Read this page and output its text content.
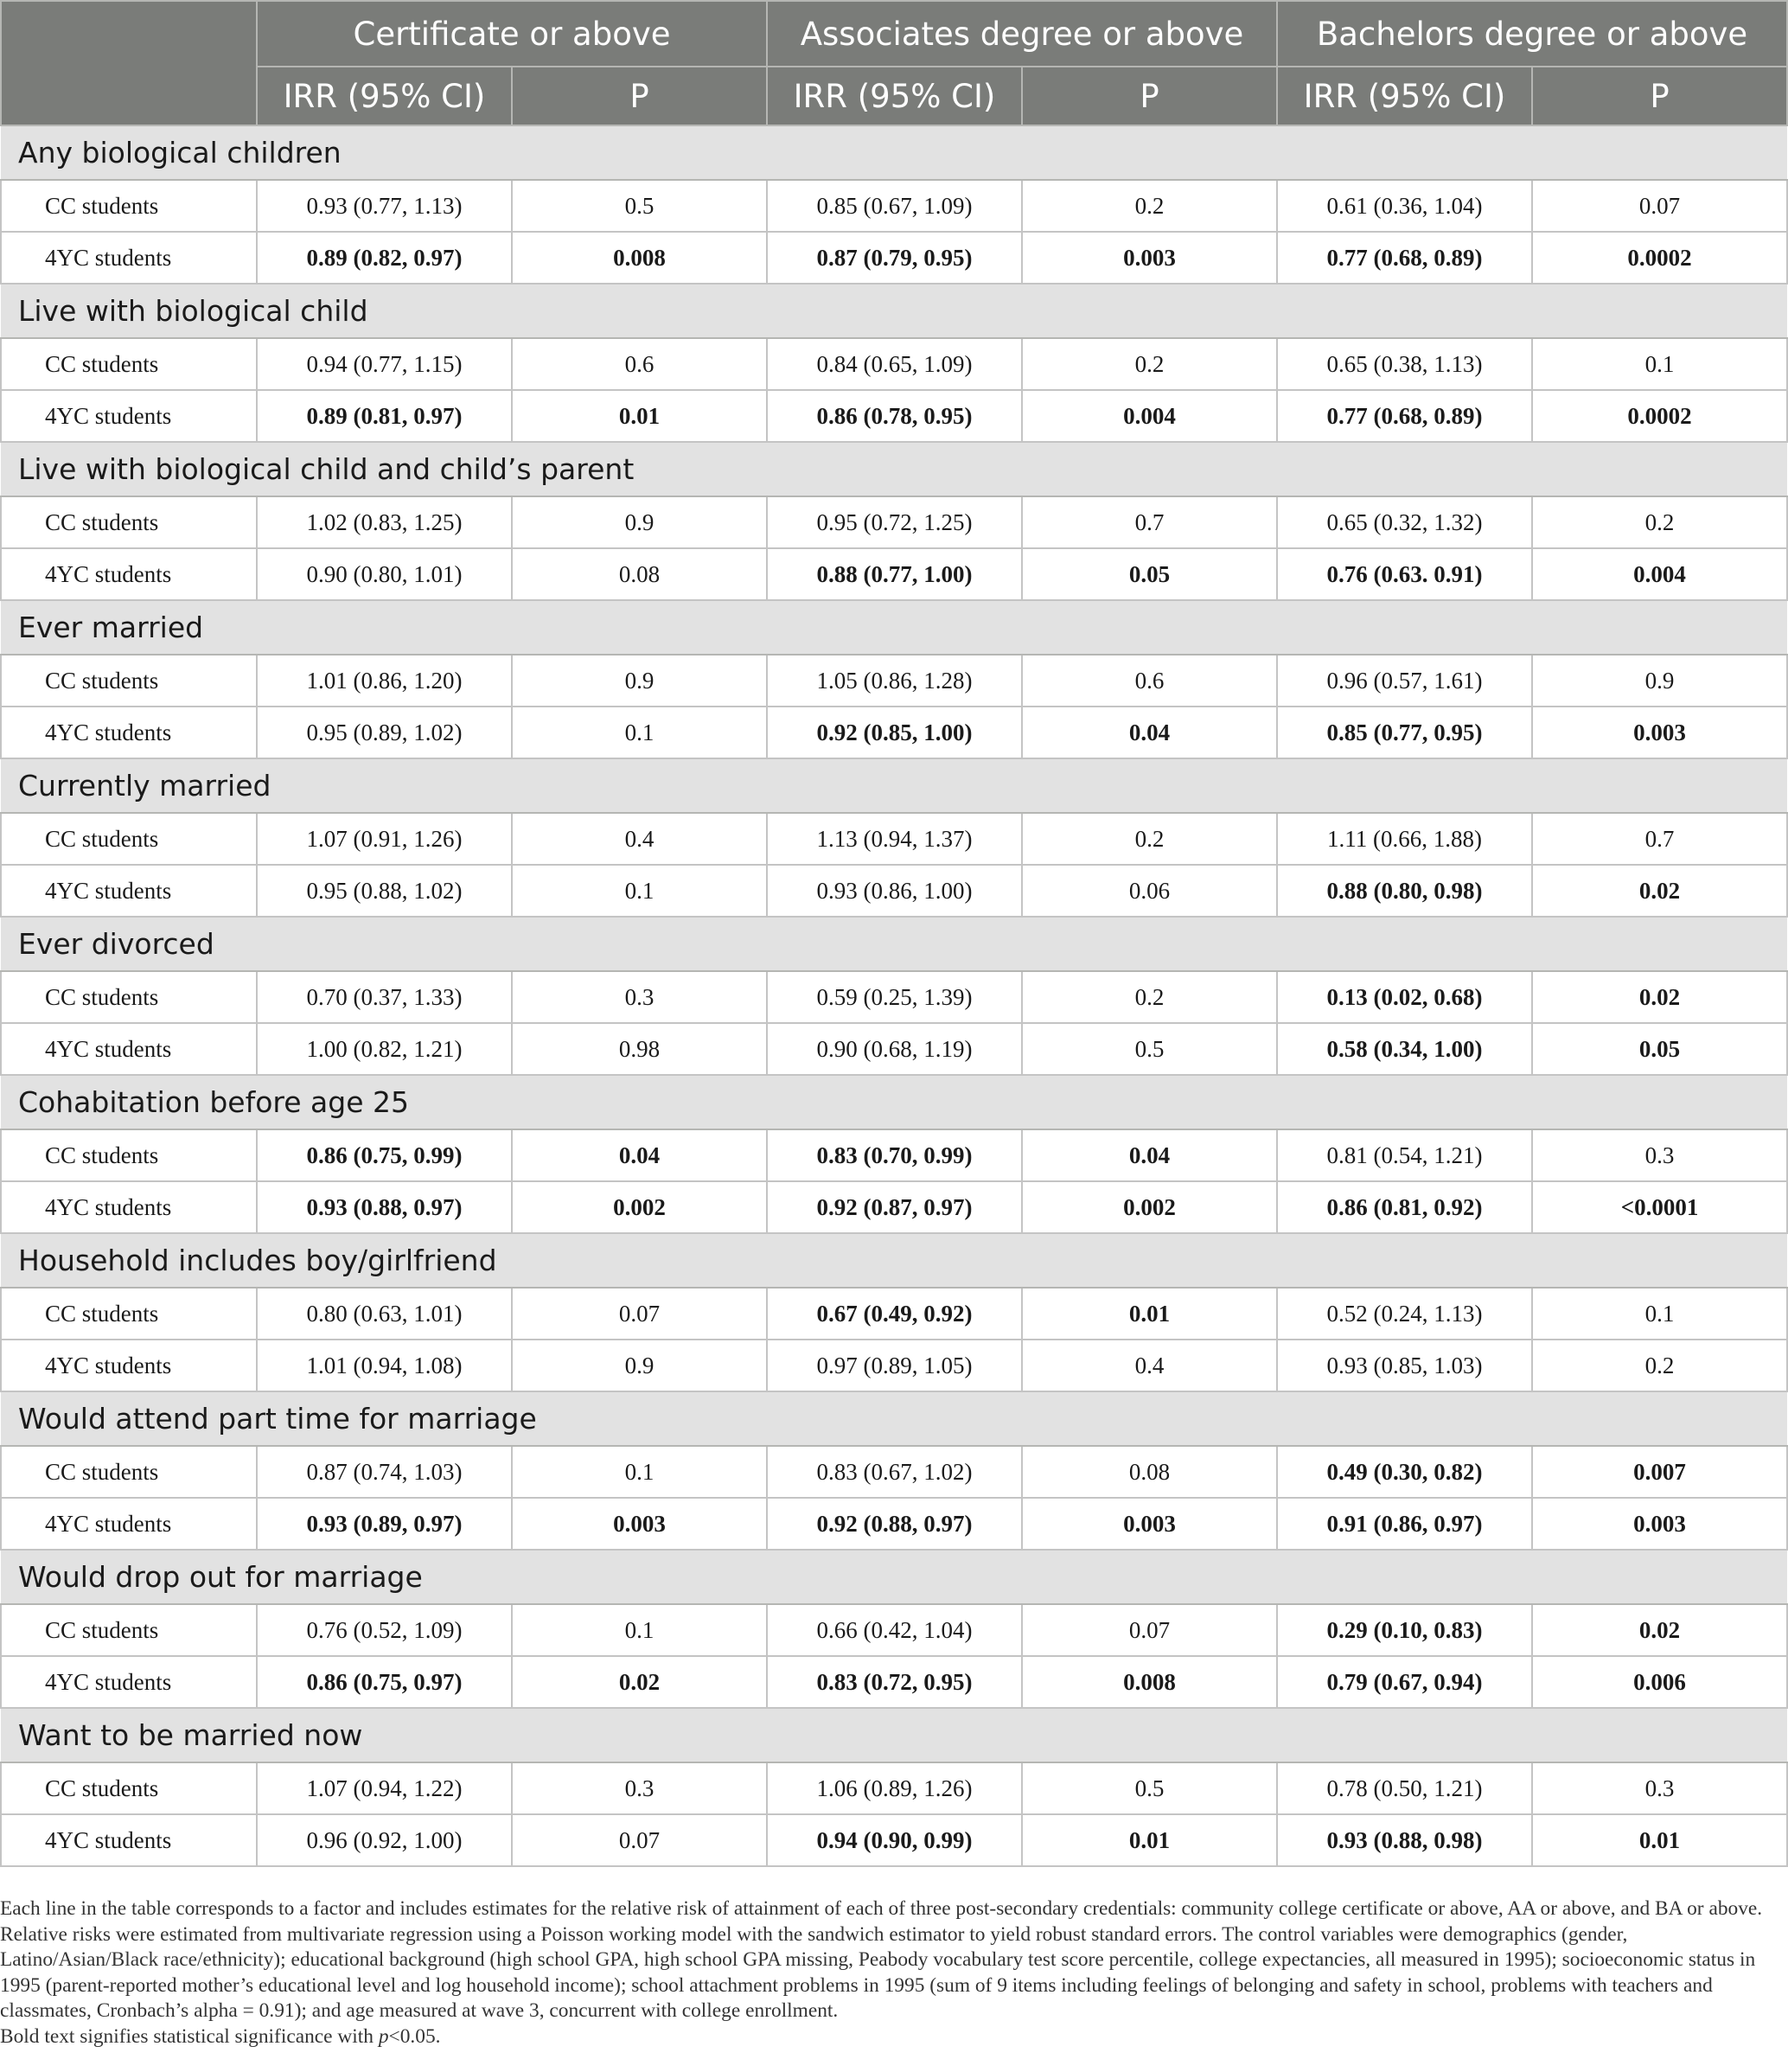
	Certificate or above		Associates degree or above		Bachelors degree or above	
	IRR (95% CI)	P	IRR (95% CI)	P	IRR (95% CI)	P
Any biological children						
CC students	0.93 (0.77, 1.13)	0.5	0.85 (0.67, 1.09)	0.2	0.61 (0.36, 1.04)	0.07
4YC students	0.89 (0.82, 0.97)	0.008	0.87 (0.79, 0.95)	0.003	0.77 (0.68, 0.89)	0.0002
Live with biological child						
CC students	0.94 (0.77, 1.15)	0.6	0.84 (0.65, 1.09)	0.2	0.65 (0.38, 1.13)	0.1
4YC students	0.89 (0.81, 0.97)	0.01	0.86 (0.78, 0.95)	0.004	0.77 (0.68, 0.89)	0.0002
Live with biological child and child’s parent						
CC students	1.02 (0.83, 1.25)	0.9	0.95 (0.72, 1.25)	0.7	0.65 (0.32, 1.32)	0.2
4YC students	0.90 (0.80, 1.01)	0.08	0.88 (0.77, 1.00)	0.05	0.76 (0.63. 0.91)	0.004
Ever married						
CC students	1.01 (0.86, 1.20)	0.9	1.05 (0.86, 1.28)	0.6	0.96 (0.57, 1.61)	0.9
4YC students	0.95 (0.89, 1.02)	0.1	0.92 (0.85, 1.00)	0.04	0.85 (0.77, 0.95)	0.003
Currently married						
CC students	1.07 (0.91, 1.26)	0.4	1.13 (0.94, 1.37)	0.2	1.11 (0.66, 1.88)	0.7
4YC students	0.95 (0.88, 1.02)	0.1	0.93 (0.86, 1.00)	0.06	0.88 (0.80, 0.98)	0.02
Ever divorced						
CC students	0.70 (0.37, 1.33)	0.3	0.59 (0.25, 1.39)	0.2	0.13 (0.02, 0.68)	0.02
4YC students	1.00 (0.82, 1.21)	0.98	0.90 (0.68, 1.19)	0.5	0.58 (0.34, 1.00)	0.05
Cohabitation before age 25						
CC students	0.86 (0.75, 0.99)	0.04	0.83 (0.70, 0.99)	0.04	0.81 (0.54, 1.21)	0.3
4YC students	0.93 (0.88, 0.97)	0.002	0.92 (0.87, 0.97)	0.002	0.86 (0.81, 0.92)	<0.0001
Household includes boy/girlfriend						
CC students	0.80 (0.63, 1.01)	0.07	0.67 (0.49, 0.92)	0.01	0.52 (0.24, 1.13)	0.1
4YC students	1.01 (0.94, 1.08)	0.9	0.97 (0.89, 1.05)	0.4	0.93 (0.85, 1.03)	0.2
Would attend part time for marriage						
CC students	0.87 (0.74, 1.03)	0.1	0.83 (0.67, 1.02)	0.08	0.49 (0.30, 0.82)	0.007
4YC students	0.93 (0.89, 0.97)	0.003	0.92 (0.88, 0.97)	0.003	0.91 (0.86, 0.97)	0.003
Would drop out for marriage						
CC students	0.76 (0.52, 1.09)	0.1	0.66 (0.42, 1.04)	0.07	0.29 (0.10, 0.83)	0.02
4YC students	0.86 (0.75, 0.97)	0.02	0.83 (0.72, 0.95)	0.008	0.79 (0.67, 0.94)	0.006
Want to be married now						
CC students	1.07 (0.94, 1.22)	0.3	1.06 (0.89, 1.26)	0.5	0.78 (0.50, 1.21)	0.3
4YC students	0.96 (0.92, 1.00)	0.07	0.94 (0.90, 0.99)	0.01	0.93 (0.88, 0.98)	0.01

Each line in the table corresponds to a factor and includes estimates for the relative risk of attainment of each of three post-secondary credentials: community college certificate or above, AA or above, and BA or above. Relative risks were estimated from multivariate regression using a Poisson working model with the sandwich estimator to yield robust standard errors. The control variables were demographics (gender, Latino/Asian/Black race/ethnicity); educational background (high school GPA, high school GPA missing, Peabody vocabulary test score percentile, college expectancies, all measured in 1995); socioeconomic status in 1995 (parent-reported mother’s educational level and log household income); school attachment problems in 1995 (sum of 9 items including feelings of belonging and safety in school, problems with teachers and classmates, Cronbach’s alpha = 0.91); and age measured at wave 3, concurrent with college enrollment.
Bold text signifies statistical significance with p<0.05.
